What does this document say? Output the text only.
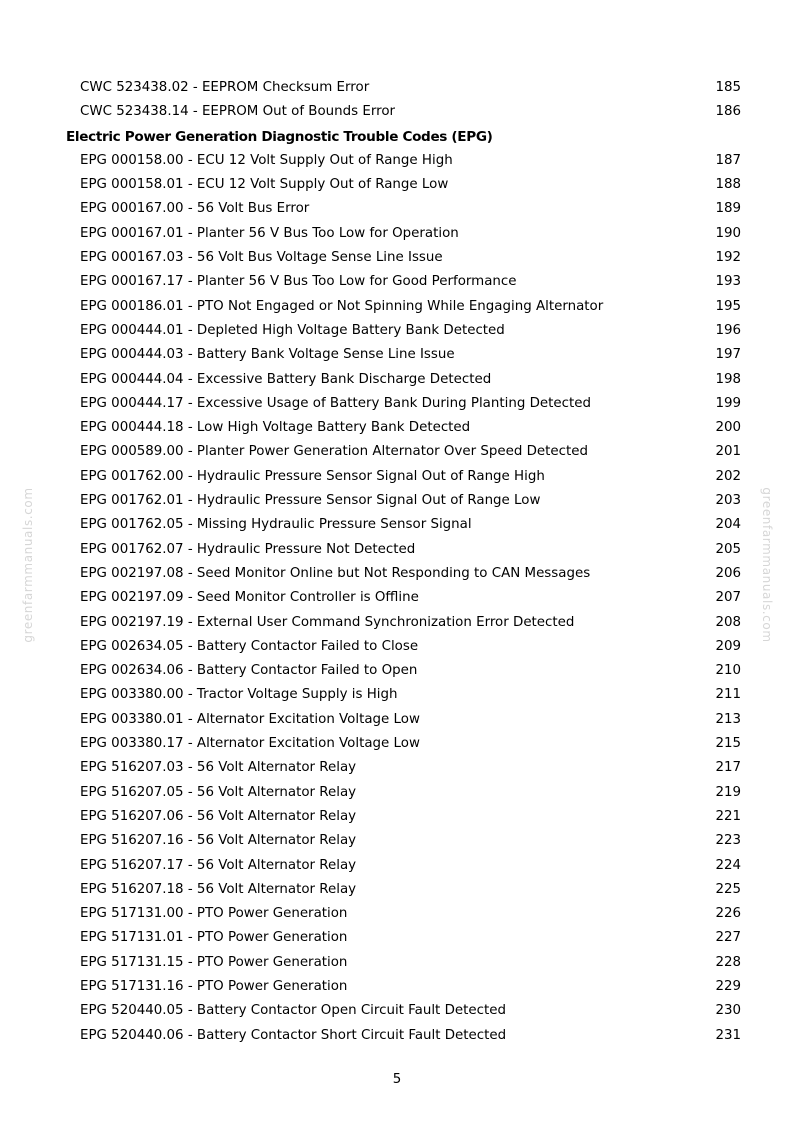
CWC 523438.02 - EEPROM Checksum Error	185
CWC 523438.14 - EEPROM Out of Bounds Error	186
Electric Power Generation Diagnostic Trouble Codes (EPG)
EPG 000158.00 - ECU 12 Volt Supply Out of Range High	187
EPG 000158.01 - ECU 12 Volt Supply Out of Range Low	188
EPG 000167.00 - 56 Volt Bus Error	189
EPG 000167.01 - Planter 56 V Bus Too Low for Operation	190
EPG 000167.03 - 56 Volt Bus Voltage Sense Line Issue	192
EPG 000167.17 - Planter 56 V Bus Too Low for Good Performance	193
EPG 000186.01 - PTO Not Engaged or Not Spinning While Engaging Alternator	195
EPG 000444.01 - Depleted High Voltage Battery Bank Detected	196
EPG 000444.03 - Battery Bank Voltage Sense Line Issue	197
EPG 000444.04 - Excessive Battery Bank Discharge Detected	198
EPG 000444.17 - Excessive Usage of Battery Bank During Planting Detected	199
EPG 000444.18 - Low High Voltage Battery Bank Detected	200
EPG 000589.00 - Planter Power Generation Alternator Over Speed Detected	201
EPG 001762.00 - Hydraulic Pressure Sensor Signal Out of Range High	202
EPG 001762.01 - Hydraulic Pressure Sensor Signal Out of Range Low	203
EPG 001762.05 - Missing Hydraulic Pressure Sensor Signal	204
EPG 001762.07 - Hydraulic Pressure Not Detected	205
EPG 002197.08 - Seed Monitor Online but Not Responding to CAN Messages	206
EPG 002197.09 - Seed Monitor Controller is Offline	207
EPG 002197.19 - External User Command Synchronization Error Detected	208
EPG 002634.05 - Battery Contactor Failed to Close	209
EPG 002634.06 - Battery Contactor Failed to Open	210
EPG 003380.00 - Tractor Voltage Supply is High	211
EPG 003380.01 - Alternator Excitation Voltage Low	213
EPG 003380.17 - Alternator Excitation Voltage Low	215
EPG 516207.03 - 56 Volt Alternator Relay	217
EPG 516207.05 - 56 Volt Alternator Relay	219
EPG 516207.06 - 56 Volt Alternator Relay	221
EPG 516207.16 - 56 Volt Alternator Relay	223
EPG 516207.17 - 56 Volt Alternator Relay	224
EPG 516207.18 - 56 Volt Alternator Relay	225
EPG 517131.00 - PTO Power Generation	226
EPG 517131.01 - PTO Power Generation	227
EPG 517131.15 - PTO Power Generation	228
EPG 517131.16 - PTO Power Generation	229
EPG 520440.05 - Battery Contactor Open Circuit Fault Detected	230
EPG 520440.06 - Battery Contactor Short Circuit Fault Detected	231
5
greenfarmmanuals.com	greenfarmmanuals.com
